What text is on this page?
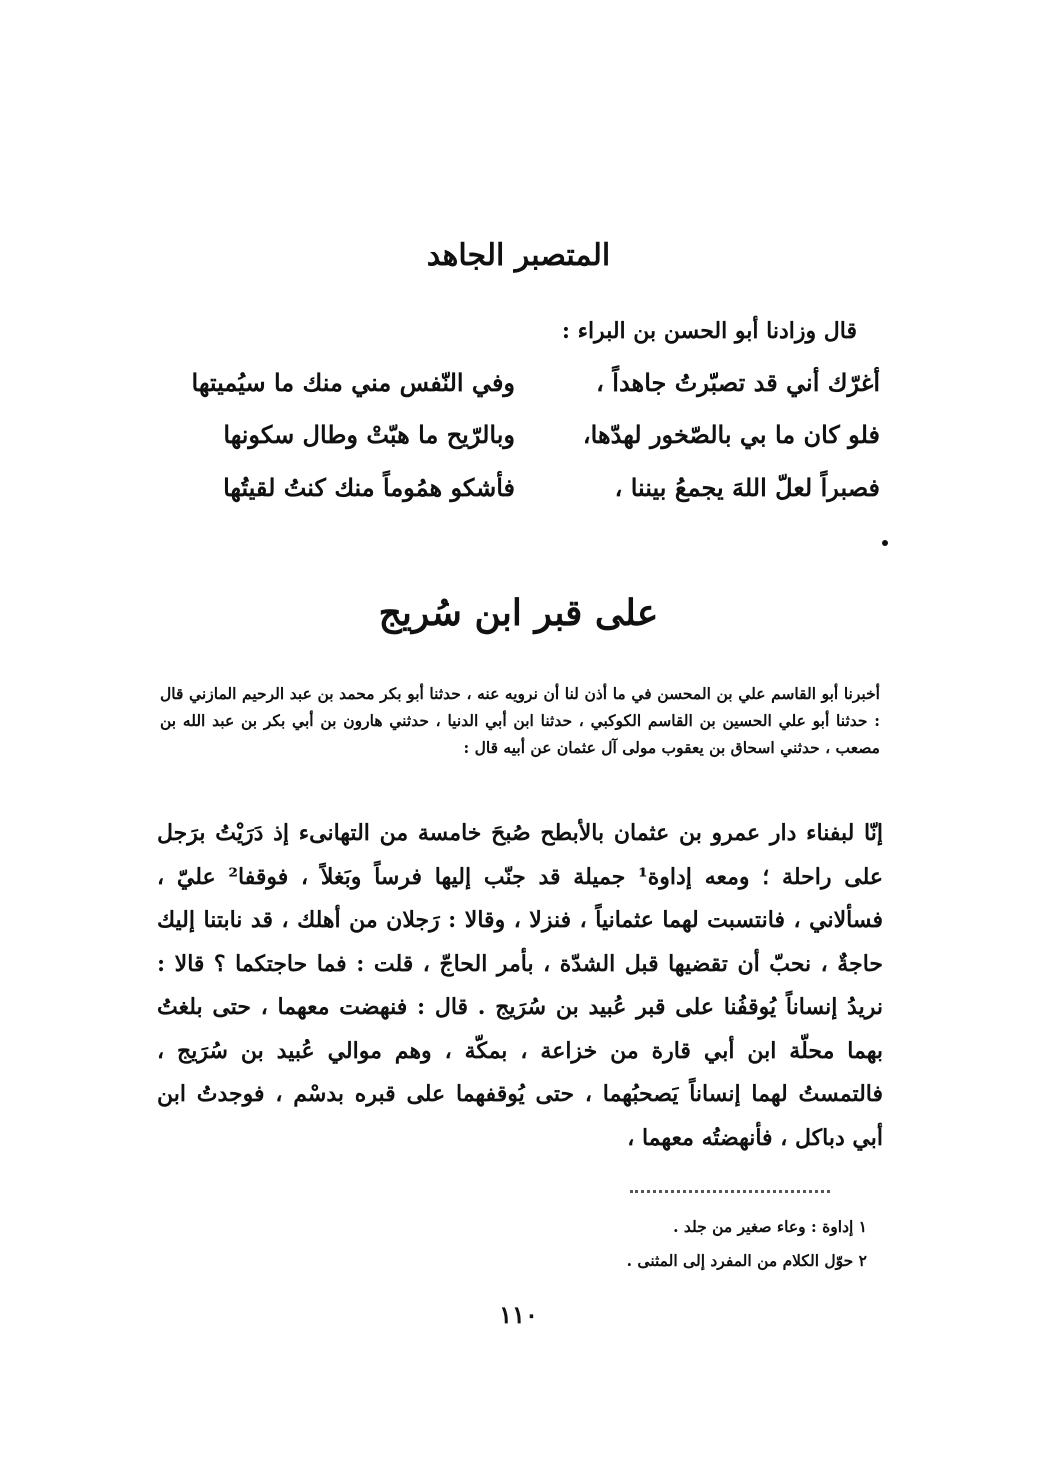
المتصبر الجاهد
قال وزادنا أبو الحسن بن البراء :
أغرّك أني قد تصبّرتُ جاهداً ،
وفي النّفس مني منك ما سيُميتها
فلو كان ما بي بالصّخور لهدّها،
وبالرّيح ما هبّتْ وطال سكونها
فصبراً لعلّ اللهَ يجمعُ بيننا ،
فأشكو همُوماً منك كنتُ لقيتُها
على قبر ابن سُريج
أخبرنا أبو القاسم علي بن المحسن في ما أذن لنا أن نرويه عنه ، حدثنا أبو بكر محمد بن عبد الرحيم المازني قال : حدثنا أبو علي الحسين بن القاسم الكوكبي ، حدثنا ابن أبي الدنيا ، حدثني هارون بن أبي بكر بن عبد الله بن مصعب ، حدثني اسحاق بن يعقوب مولى آل عثمان عن أبيه قال :
إنّا لبفناء دار عمرو بن عثمان بالأبطح صُبحَ خامسة من التهانىء إذ دَرَيْتُ برَجل على راحلة ؛ ومعه إداوة¹ جميلة قد جنّب إليها فرساً وبَغلاً ، فوقفا² عليّ ، فسألاني ، فانتسبت لهما عثمانياً ، فنزلا ، وقالا : رَجلان من أهلك ، قد نابتنا إليك حاجةٌ ، نحبّ أن تقضيها قبل الشدّة ، بأمر الحاجّ ، قلت : فما حاجتكما ؟ قالا : نريدُ إنساناً يُوقفُنا على قبر عُبيد بن سُرَيج . قال : فنهضت معهما ، حتى بلغتُ بهما محلّة ابن أبي قارة من خزاعة ، بمكّة ، وهم موالي عُبيد بن سُرَيج ، فالتمستُ لهما إنساناً يَصحبُهما ، حتى يُوقفهما على قبره بدسْم ، فوجدتُ ابن أبي دباكل ، فأنهضتُه معهما ،
١ إداوة : وعاء صغير من جلد .
٢ حوّل الكلام من المفرد إلى المثنى .
١١٠
